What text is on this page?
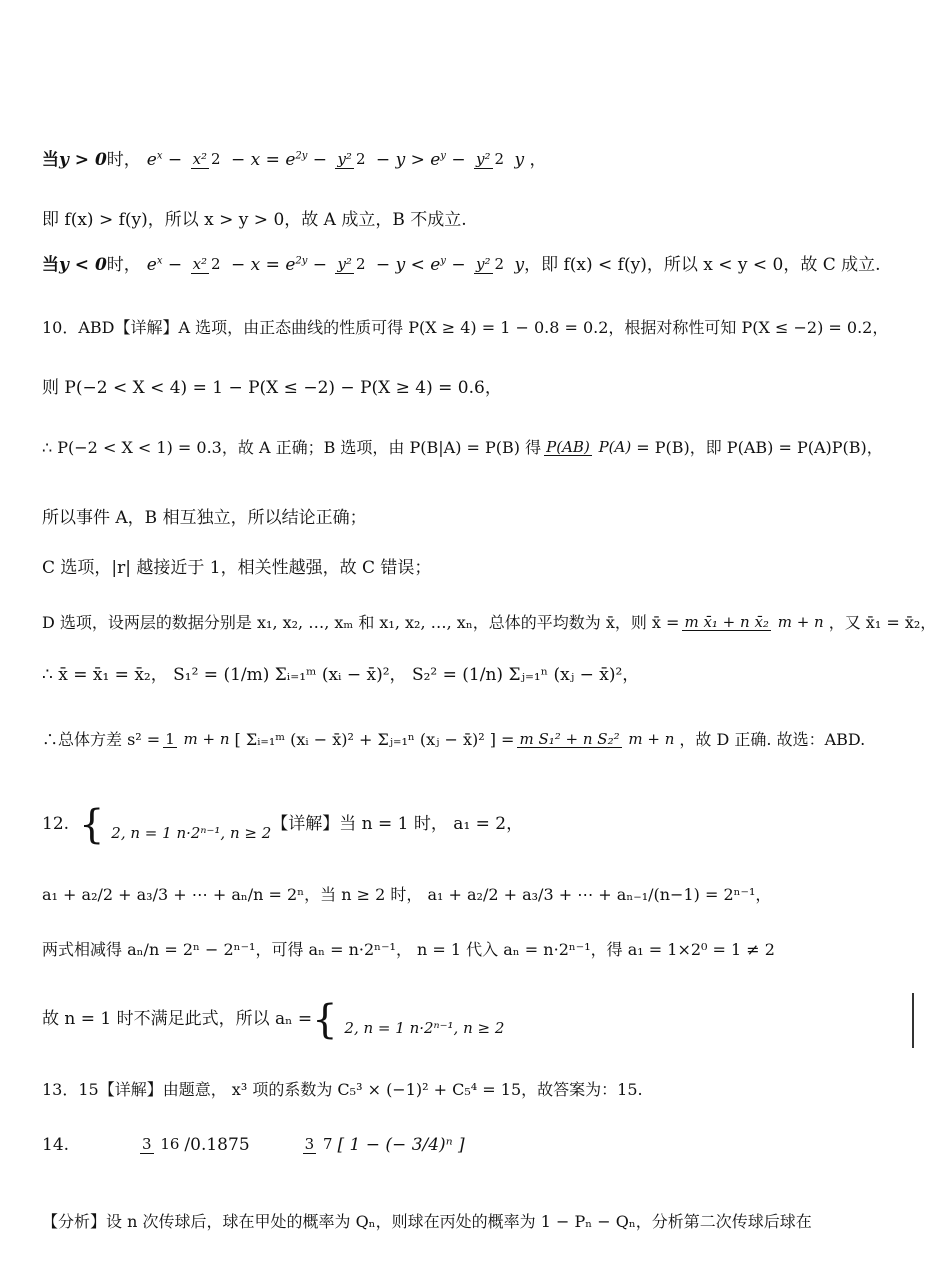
当 y > 0 时， $e^x - x^2$ $2 - x = e^{2y} - y^2$ $2 - y > e^y - y^2$ 2 y ，
即 f(x) > f(y)，所以 x > y > 0，故 A 成立，B 不成立.
当 y < 0 时， $e^x - x^2$ $2 - x = e^{2y} - y^2$ $2 - y < e^y - y^2$ 2 y ，即 f(x) < f(y)，所以 x < y < 0，故 C 成立.
10．ABD【详解】A 选项，由正态曲线的性质可得 P(X ≥ 4) = 1 − 0.8 = 0.2，根据对称性可知 P(X ≤ −2) = 0.2，
则 P(−2 < X < 4) = 1 − P(X ≤ −2) − P(X ≥ 4) = 0.6，
∴ P(−2 < X < 1) = 0.3，故 A 正确；B 选项，由 P(B|A) = P(B) 得 P(AB) P(A) = P(B)，即 P(AB) = P(A)P(B)，
所以事件 A，B 相互独立，所以结论正确；
C 选项，|r| 越接近于 1，相关性越强，故 C 错误；
D 选项，设两层的数据分别是 x₁, x₂, …, xₘ 和 x₁, x₂, …, xₙ，总体的平均数为 x̄，则 x̄ = m x̄₁ + n x̄₂ m + n ，又 x̄₁ = x̄₂，
∴ x̄ = x̄₁ = x̄₂， S₁² = (1/m) Σᵢ₌₁ᵐ (xᵢ − x̄)²， S₂² = (1/n) Σⱼ₌₁ⁿ (xⱼ − x̄)²，
∴总体方差 s² = 1 m + n [ Σᵢ₌₁ᵐ (xᵢ − x̄)² + Σⱼ₌₁ⁿ (xⱼ − x̄)² ] = m S₁² + n S₂² m + n ，故 D 正确. 故选：ABD.
12. { 2, n = 1 n·2ⁿ⁻¹, n ≥ 2 【详解】当 n = 1 时， a₁ = 2，
a₁ + a₂/2 + a₃/3 + ⋯ + aₙ/n = 2ⁿ，当 n ≥ 2 时， a₁ + a₂/2 + a₃/3 + ⋯ + aₙ₋₁/(n−1) = 2ⁿ⁻¹，
两式相减得 aₙ/n = 2ⁿ − 2ⁿ⁻¹，可得 aₙ = n·2ⁿ⁻¹， n = 1 代入 aₙ = n·2ⁿ⁻¹，得 a₁ = 1×2⁰ = 1 ≠ 2
故 n = 1 时不满足此式，所以 aₙ = { 2, n = 1 n·2ⁿ⁻¹, n ≥ 2
13．15【详解】由题意， x³ 项的系数为 C₅³ × (−1)² + C₅⁴ = 15，故答案为：15.
14.	3 16 /0.1875	3 7 [ 1 − (− 3/4)ⁿ ]
【分析】设 n 次传球后，球在甲处的概率为 Qₙ，则球在丙处的概率为 1 − Pₙ − Qₙ，分析第二次传球后球在
